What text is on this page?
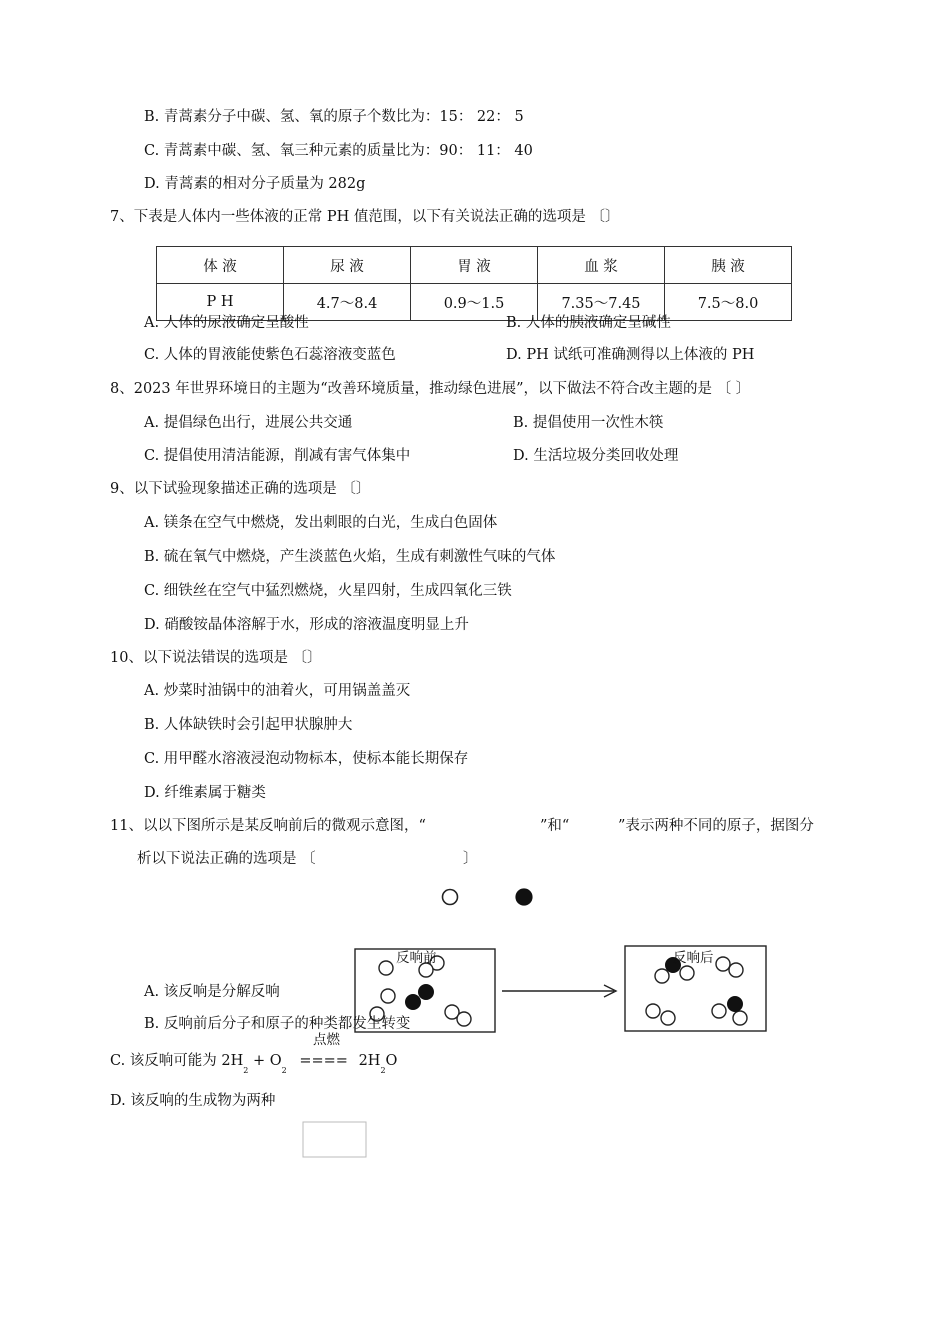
B. 青蒿素分子中碳、氢、氧的原子个数比为：15： 22： 5
C. 青蒿素中碳、氢、氧三种元素的质量比为：90： 11： 40
D. 青蒿素的相对分子质量为 282g
7、下表是人体内一些体液的正常 PH 值范围，以下有关说法正确的选项是 〔〕
体 液	尿 液	胃 液	血 浆	胰 液
P H	4.7～8.4	0.9～1.5	7.35～7.45	7.5～8.0
A. 人体的尿液确定呈酸性	B. 人体的胰液确定呈碱性
C. 人体的胃液能使紫色石蕊溶液变蓝色	D. PH 试纸可准确测得以上体液的 PH
8、2023 年世界环境日的主题为“改善环境质量，推动绿色进展”，以下做法不符合改主题的是 〔 〕
A. 提倡绿色出行，进展公共交通	B. 提倡使用一次性木筷
C. 提倡使用清洁能源，削减有害气体集中	D. 生活垃圾分类回收处理
9、以下试验现象描述正确的选项是 〔〕
A. 镁条在空气中燃烧，发出刺眼的白光，生成白色固体
B. 硫在氧气中燃烧，产生淡蓝色火焰，生成有刺激性气味的气体
C. 细铁丝在空气中猛烈燃烧，火星四射，生成四氧化三铁
D. 硝酸铵晶体溶解于水，形成的溶液温度明显上升
10、以下说法错误的选项是 〔〕
A. 炒菜时油锅中的油着火，可用锅盖盖灭
B. 人体缺铁时会引起甲状腺肿大
C. 用甲醛水溶液浸泡动物标本，使标本能长期保存
D. 纤维素属于糖类
11、以以下图所示是某反响前后的微观示意图，“	”和“	”表示两种不同的原子，据图分
析以下说法正确的选项是 〔	〕
反响前	反响后
A. 该反响是分解反响
B. 反响前后分子和原子的种类都发生转变
点燃
C. 该反响可能为 $2H_2 + O_2$ ==== $2H_2O$
D. 该反响的生成物为两种
